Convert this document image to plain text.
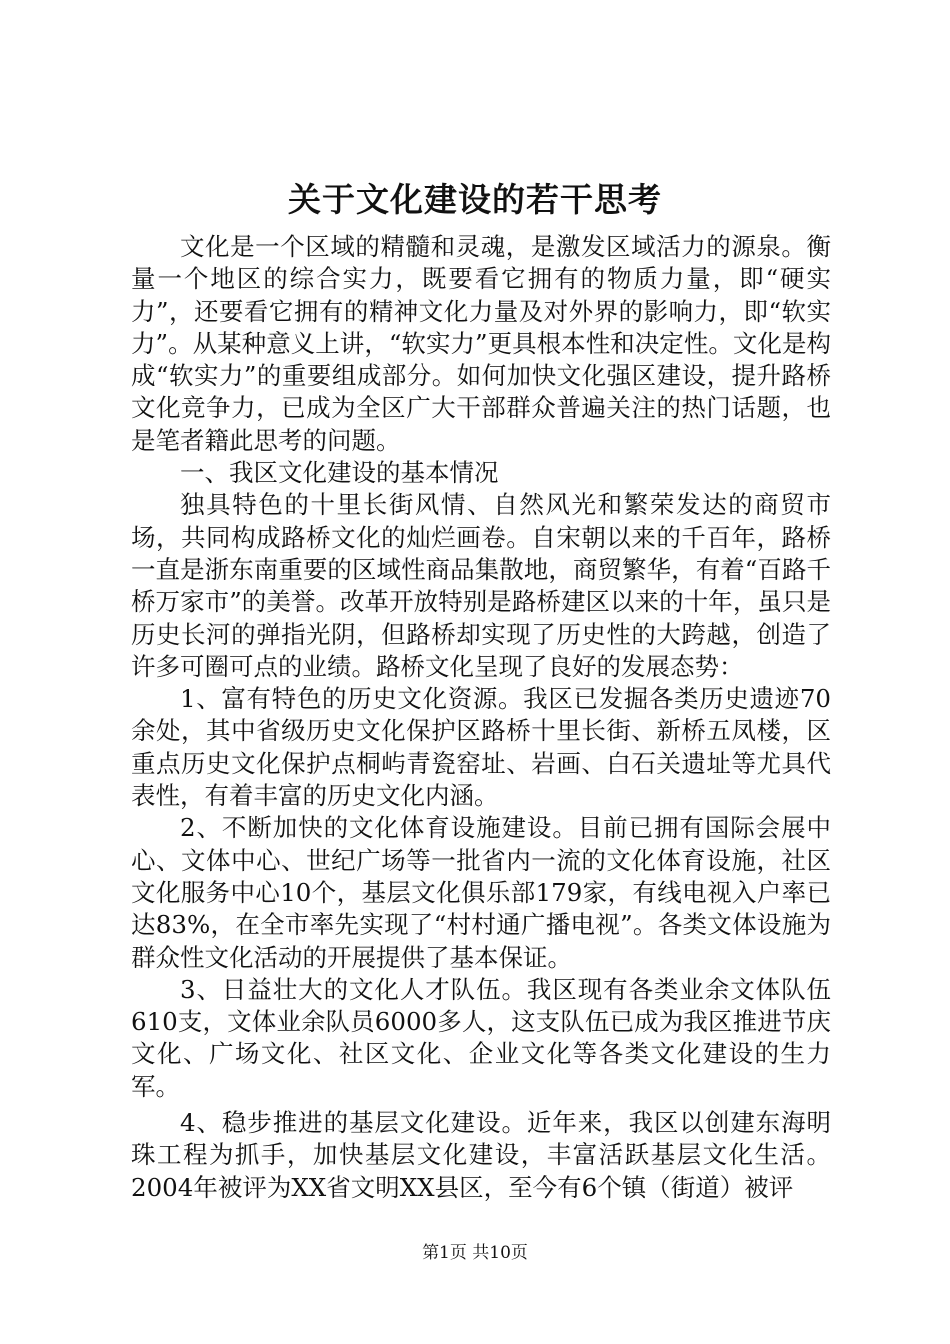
关于文化建设的若干思考

文化是一个区域的精髓和灵魂，是激发区域活力的源泉。衡量一个地区的综合实力，既要看它拥有的物质力量，即“硬实力”，还要看它拥有的精神文化力量及对外界的影响力，即“软实力”。从某种意义上讲，“软实力”更具根本性和决定性。文化是构成“软实力”的重要组成部分。如何加快文化强区建设，提升路桥文化竞争力，已成为全区广大干部群众普遍关注的热门话题，也是笔者籍此思考的问题。

一、我区文化建设的基本情况

独具特色的十里长街风情、自然风光和繁荣发达的商贸市场，共同构成路桥文化的灿烂画卷。自宋朝以来的千百年，路桥一直是浙东南重要的区域性商品集散地，商贸繁华，有着“百路千桥万家市”的美誉。改革开放特别是路桥建区以来的十年，虽只是历史长河的弹指光阴，但路桥却实现了历史性的大跨越，创造了许多可圈可点的业绩。路桥文化呈现了良好的发展态势：

1、富有特色的历史文化资源。我区已发掘各类历史遗迹70余处，其中省级历史文化保护区路桥十里长街、新桥五凤楼，区重点历史文化保护点桐屿青瓷窑址、岩画、白石关遗址等尤具代表性，有着丰富的历史文化内涵。

2、不断加快的文化体育设施建设。目前已拥有国际会展中心、文体中心、世纪广场等一批省内一流的文化体育设施，社区文化服务中心10个，基层文化俱乐部179家，有线电视入户率已达83%，在全市率先实现了“村村通广播电视”。各类文体设施为群众性文化活动的开展提供了基本保证。

3、日益壮大的文化人才队伍。我区现有各类业余文体队伍610支，文体业余队员6000多人，这支队伍已成为我区推进节庆文化、广场文化、社区文化、企业文化等各类文化建设的生力军。

4、稳步推进的基层文化建设。近年来，我区以创建东海明珠工程为抓手，加快基层文化建设，丰富活跃基层文化生活。2004年被评为XX省文明XX县区，至今有6个镇（街道）被评

第1页 共10页
